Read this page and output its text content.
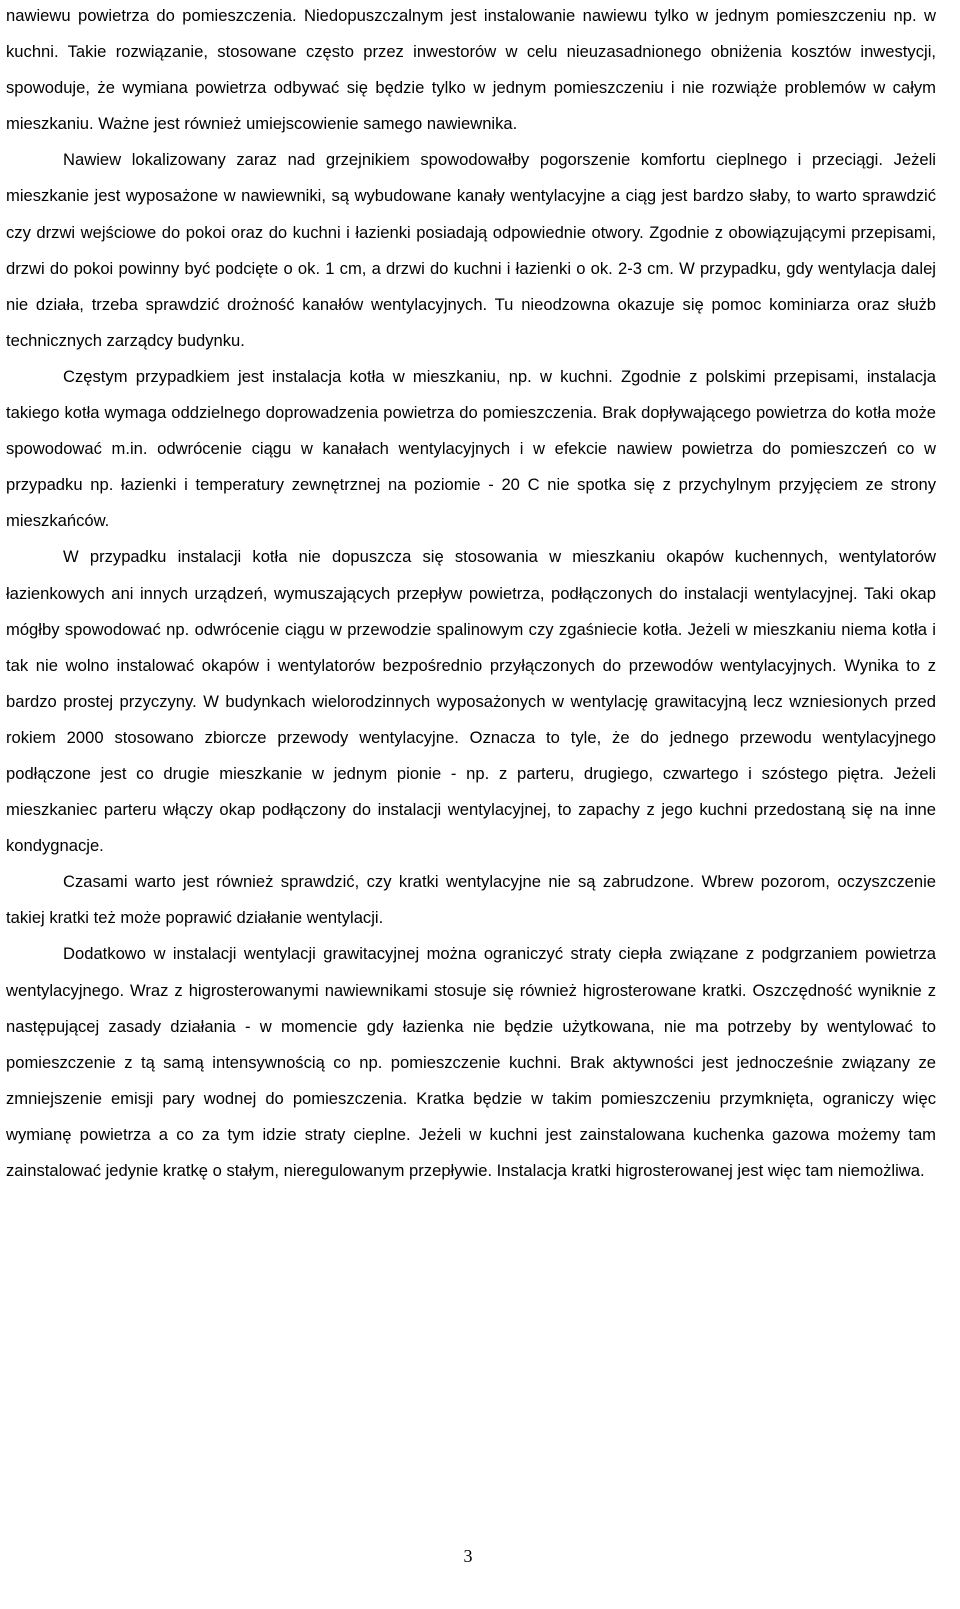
nawiewu powietrza do pomieszczenia. Niedopuszczalnym jest instalowanie nawiewu tylko w jednym pomieszczeniu np. w kuchni. Takie rozwiązanie, stosowane często przez inwestorów w celu nieuzasadnionego obniżenia kosztów inwestycji, spowoduje, że wymiana powietrza odbywać się będzie tylko w jednym pomieszczeniu i nie rozwiąże problemów w całym mieszkaniu. Ważne jest również umiejscowienie samego nawiewnika.

Nawiew lokalizowany zaraz nad grzejnikiem spowodowałby pogorszenie komfortu cieplnego i przeciągi. Jeżeli mieszkanie jest wyposażone w nawiewniki, są wybudowane kanały wentylacyjne a ciąg jest bardzo słaby, to warto sprawdzić czy drzwi wejściowe do pokoi oraz do kuchni i łazienki posiadają odpowiednie otwory. Zgodnie z obowiązującymi przepisami, drzwi do pokoi powinny być podcięte o ok. 1 cm, a drzwi do kuchni i łazienki o ok. 2-3 cm. W przypadku, gdy wentylacja dalej nie działa, trzeba sprawdzić drożność kanałów wentylacyjnych. Tu nieodzowna okazuje się pomoc kominiarza oraz służb technicznych zarządcy budynku.

Częstym przypadkiem jest instalacja kotła w mieszkaniu, np. w kuchni. Zgodnie z polskimi przepisami, instalacja takiego kotła wymaga oddzielnego doprowadzenia powietrza do pomieszczenia. Brak dopływającego powietrza do kotła może spowodować m.in. odwrócenie ciągu w kanałach wentylacyjnych i w efekcie nawiew powietrza do pomieszczeń co w przypadku np. łazienki i temperatury zewnętrznej na poziomie - 20 C nie spotka się z przychylnym przyjęciem ze strony mieszkańców.

W przypadku instalacji kotła nie dopuszcza się stosowania w mieszkaniu okapów kuchennych, wentylatorów łazienkowych ani innych urządzeń, wymuszających przepływ powietrza, podłączonych do instalacji wentylacyjnej. Taki okap mógłby spowodować np. odwrócenie ciągu w przewodzie spalinowym czy zgaśniecie kotła. Jeżeli w mieszkaniu niema kotła i tak nie wolno instalować okapów i wentylatorów bezpośrednio przyłączonych do przewodów wentylacyjnych. Wynika to z bardzo prostej przyczyny. W budynkach wielorodzinnych wyposażonych w wentylację grawitacyjną lecz wzniesionych przed rokiem 2000 stosowano zbiorcze przewody wentylacyjne. Oznacza to tyle, że do jednego przewodu wentylacyjnego podłączone jest co drugie mieszkanie w jednym pionie - np. z parteru, drugiego, czwartego i szóstego piętra. Jeżeli mieszkaniec parteru włączy okap podłączony do instalacji wentylacyjnej, to zapachy z jego kuchni przedostaną się na inne kondygnacje.

Czasami warto jest również sprawdzić, czy kratki wentylacyjne nie są zabrudzone. Wbrew pozorom, oczyszczenie takiej kratki też może poprawić działanie wentylacji.

Dodatkowo w instalacji wentylacji grawitacyjnej można ograniczyć straty ciepła związane z podgrzaniem powietrza wentylacyjnego. Wraz z higrosterowanymi nawiewnikami stosuje się również higrosterowane kratki. Oszczędność wyniknie z następującej zasady działania - w momencie gdy łazienka nie będzie użytkowana, nie ma potrzeby by wentylować to pomieszczenie z tą samą intensywnością co np. pomieszczenie kuchni. Brak aktywności jest jednocześnie związany ze zmniejszenie emisji pary wodnej do pomieszczenia. Kratka będzie w takim pomieszczeniu przymknięta, ograniczy więc wymianę powietrza a co za tym idzie straty cieplne. Jeżeli w kuchni jest zainstalowana kuchenka gazowa możemy tam zainstalować jedynie kratkę o stałym, nieregulowanym przepływie. Instalacja kratki higrosterowanej jest więc tam niemożliwa.

3
